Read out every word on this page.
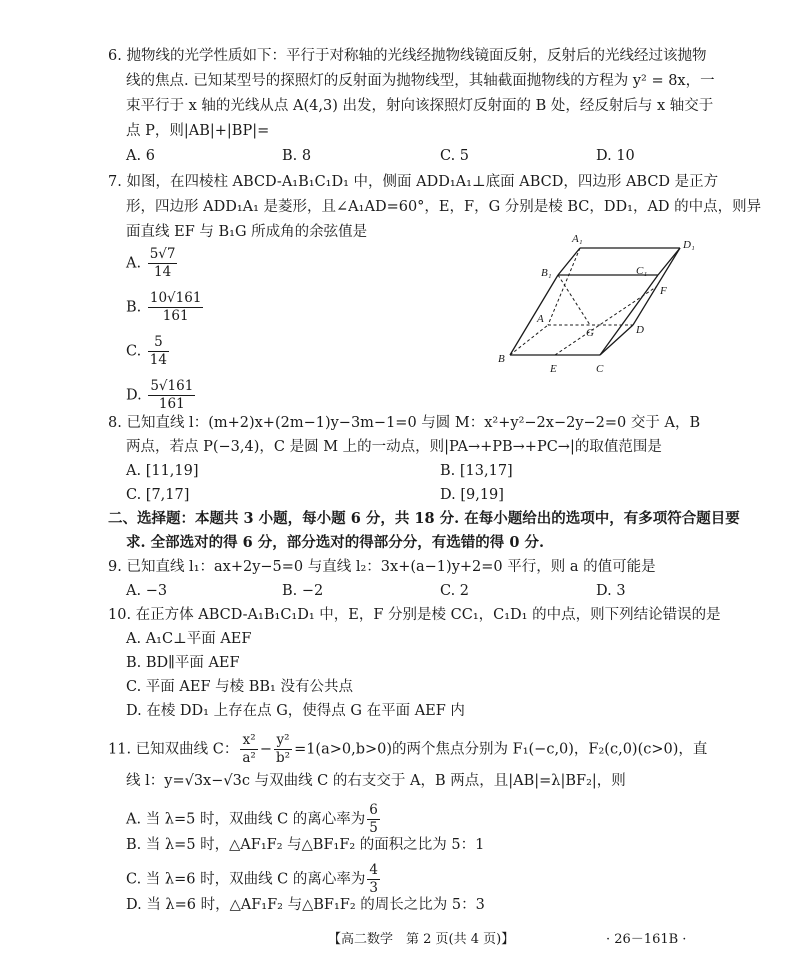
6. 抛物线的光学性质如下：平行于对称轴的光线经抛物线镜面反射，反射后的光线经过该抛物
线的焦点. 已知某型号的探照灯的反射面为抛物线型，其轴截面抛物线的方程为 y² = 8x，一
束平行于 x 轴的光线从点 A(4,3) 出发，射向该探照灯反射面的 B 处，经反射后与 x 轴交于
点 P，则|AB|+|BP|=
A. 6	B. 8	C. 5	D. 10
7. 如图，在四棱柱 ABCD-A₁B₁C₁D₁ 中，侧面 ADD₁A₁⊥底面 ABCD，四边形 ABCD 是正方
形，四边形 ADD₁A₁ 是菱形，且∠A₁AD=60°，E，F，G 分别是棱 BC，DD₁，AD 的中点，则异
面直线 EF 与 B₁G 所成角的余弦值是
A. $\frac{5√7}{14}$
B. $\frac{10√161}{161}$
C. $\frac{5}{14}$
D. $\frac{5√161}{161}$
A₁	D₁
B₁	C₁
F
A
G	D
B
E	C
8. 已知直线 l：(m+2)x+(2m−1)y−3m−1=0 与圆 M：x²+y²−2x−2y−2=0 交于 A，B
两点，若点 P(−3,4)，C 是圆 M 上的一动点，则|PA→+PB→+PC→|的取值范围是
A. [11,19]	B. [13,17]
C. [7,17]	D. [9,19]
二、选择题：本题共 3 小题，每小题 6 分，共 18 分. 在每小题给出的选项中，有多项符合题目要
求. 全部选对的得 6 分，部分选对的得部分分，有选错的得 0 分.
9. 已知直线 l₁：ax+2y−5=0 与直线 l₂：3x+(a−1)y+2=0 平行，则 a 的值可能是
A. −3	B. −2	C. 2	D. 3
10. 在正方体 ABCD-A₁B₁C₁D₁ 中，E，F 分别是棱 CC₁，C₁D₁ 的中点，则下列结论错误的是
A. A₁C⊥平面 AEF
B. BD∥平面 AEF
C. 平面 AEF 与棱 BB₁ 没有公共点
D. 在棱 DD₁ 上存在点 G，使得点 G 在平面 AEF 内
11. 已知双曲线 C： $\frac{\text{x²}}{\text{a²}} - \frac{\text{y²}}{\text{b²}} =1(a>0,b>0)$的两个焦点分别为 F₁(−c,0)，F₂(c,0)(c>0)，直
线 l：y=√3x−√3c 与双曲线 C 的右支交于 A，B 两点，且|AB|=λ|BF₂|，则
A. 当 λ=5 时，双曲线 C 的离心率为 $\frac{6}{5}$
B. 当 λ=5 时，△AF₁F₂ 与△BF₁F₂ 的面积之比为 5：1
C. 当 λ=6 时，双曲线 C 的离心率为 $\frac{4}{3}$
D. 当 λ=6 时，△AF₁F₂ 与△BF₁F₂ 的周长之比为 5：3
【高二数学　第 2 页(共 4 页)】	· 26－161B ·
